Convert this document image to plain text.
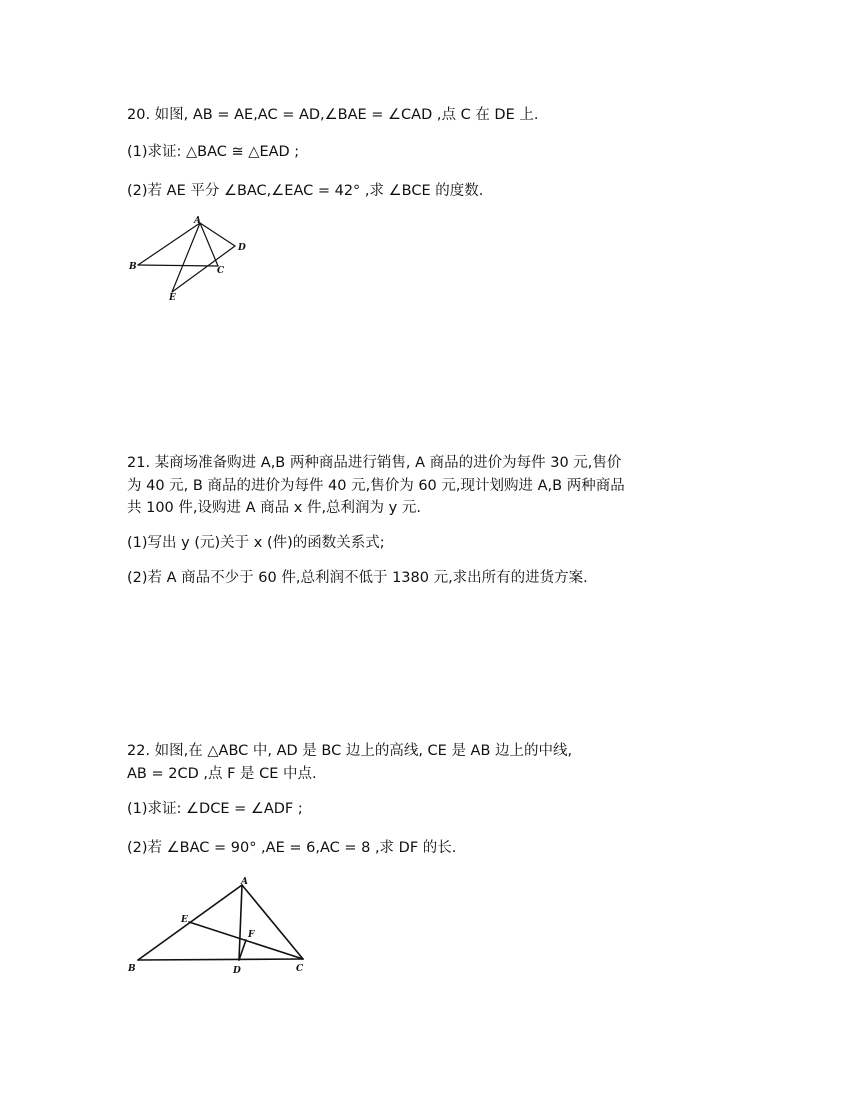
20. 如图, AB = AE,AC = AD,∠BAE = ∠CAD ,点 C 在 DE 上.
(1)求证: △BAC ≅ △EAD ;
(2)若 AE 平分 ∠BAC,∠EAC = 42° ,求 ∠BCE 的度数.
A
B	C
D
E
21. 某商场准备购进 A,B 两种商品进行销售, A 商品的进价为每件 30 元,售价
为 40 元, B 商品的进价为每件 40 元,售价为 60 元,现计划购进 A,B 两种商品
共 100 件,设购进 A 商品 x 件,总利润为 y 元.
(1)写出 y (元)关于 x (件)的函数关系式;
(2)若 A 商品不少于 60 件,总利润不低于 1380 元,求出所有的进货方案.
22. 如图,在 △ABC 中, AD 是 BC 边上的高线, CE 是 AB 边上的中线,
AB = 2CD ,点 F 是 CE 中点.
(1)求证: ∠DCE = ∠ADF ;
(2)若 ∠BAC = 90° ,AE = 6,AC = 8 ,求 DF 的长.
A
B	C
D
E
F
